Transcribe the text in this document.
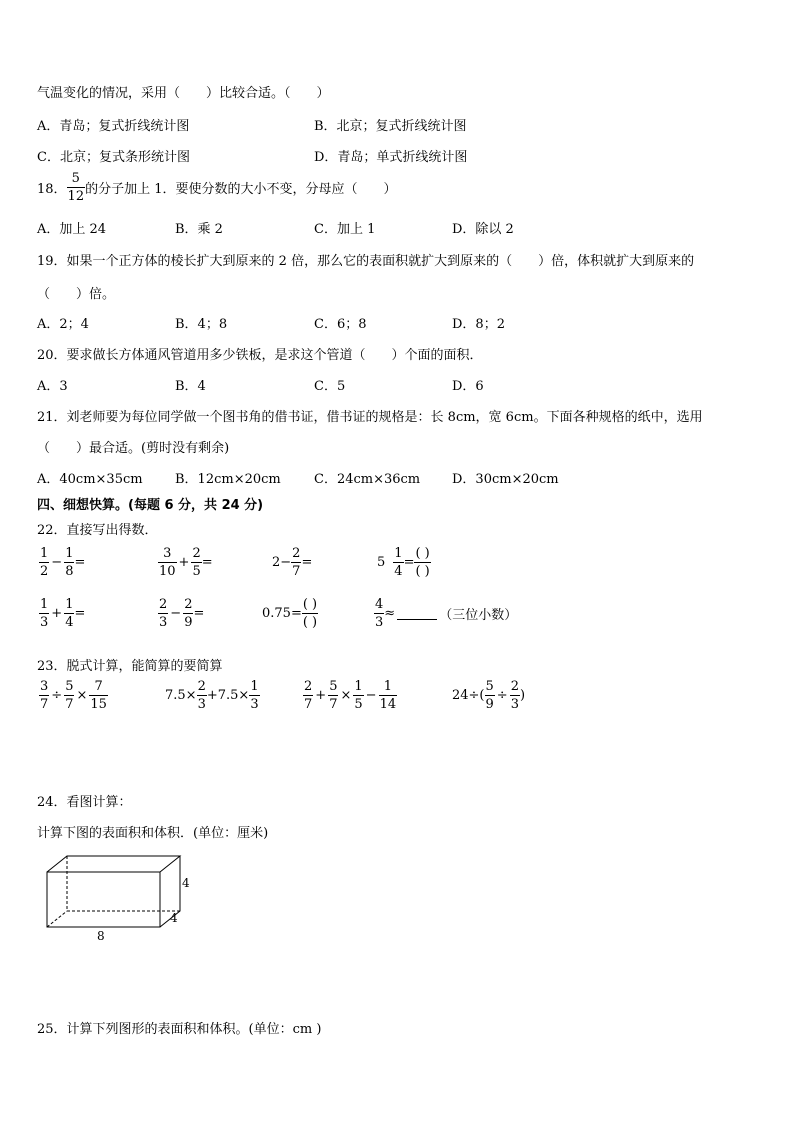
气温变化的情况，采用（　　）比较合适。（　　）
A．青岛；复式折线统计图	B．北京；复式折线统计图
C．北京；复式条形统计图	D．青岛；单式折线统计图
18． $\frac{5}{12}$ 的分子加上 1．要使分数的大小不变，分母应（　　）
A．加上 24	B．乘 2	C．加上 1	D．除以 2
19．如果一个正方体的棱长扩大到原来的 2 倍，那么它的表面积就扩大到原来的（　　）倍，体积就扩大到原来的
（　　）倍。
A．2；4	B．4；8	C．6；8	D．8；2
20．要求做长方体通风管道用多少铁板，是求这个管道（　　）个面的面积．
A．3	B．4	C．5	D．6
21．刘老师要为每位同学做一个图书角的借书证，借书证的规格是：长 8cm，宽 6cm。下面各种规格的纸中，选用
（　　）最合适。(剪时没有剩余)
A．40cm×35cm B．12cm×20cm	C．24cm×36cm D．30cm×20cm
四、细想快算。(每题 6 分，共 24 分)
22．直接写出得数．
$\frac{1}{2} - \frac{1}{8}$ =	$\frac{3}{10} + \frac{2}{5}$ =	$2- \frac{2}{7}$ =	$5 \frac{1}{4} = \frac{( )}{( )}$
$\frac{1}{3} + \frac{1}{4}$ =	$\frac{2}{3} - \frac{2}{9}$ =	$0.75= \frac{( )}{( )}$	$\frac{4}{3}$ ≈	（三位小数）
23．脱式计算，能简算的要简算
$\frac{3}{7} \div \frac{5}{7} \times \frac{7}{15}$	$7.5\times \frac{2}{3} +7.5\times \frac{1}{3}$	$\frac{2}{7} + \frac{5}{7} \times \frac{1}{5} - \frac{1}{14}$	$24\div( \frac{5}{9} \div \frac{2}{3}$ )
24．看图计算：
计算下图的表面积和体积．(单位：厘米)
4
4
8
25．计算下列图形的表面积和体积。(单位：cm )
